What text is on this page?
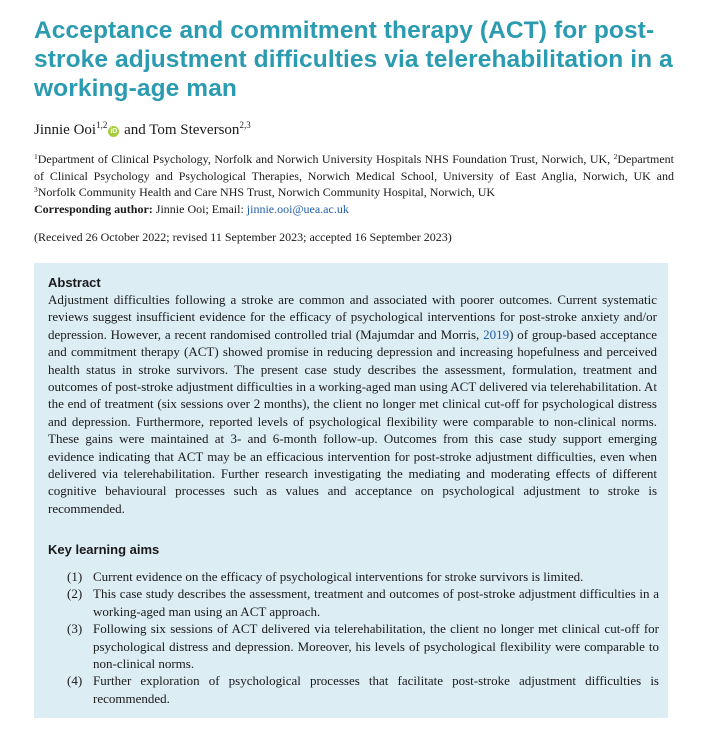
Acceptance and commitment therapy (ACT) for post-stroke adjustment difficulties via telerehabilitation in a working-age man
Jinnie Ooi$^{1,2}$iD and Tom Steverson$^{2,3}$

$^1$Department of Clinical Psychology, Norfolk and Norwich University Hospitals NHS Foundation Trust, Norwich, UK, $^2$Department of Clinical Psychology and Psychological Therapies, Norwich Medical School, University of East Anglia, Norwich, UK and $^3$Norfolk Community Health and Care NHS Trust, Norwich Community Hospital, Norwich, UK

Corresponding author: Jinnie Ooi; Email: jinnie.ooi@uea.ac.uk

(Received 26 October 2022; revised 11 September 2023; accepted 16 September 2023)

Abstract

Adjustment difficulties following a stroke are common and associated with poorer outcomes. Current systematic reviews suggest insufficient evidence for the efficacy of psychological interventions for post-stroke anxiety and/or depression. However, a recent randomised controlled trial (Majumdar and Morris, 2019) of group-based acceptance and commitment therapy (ACT) showed promise in reducing depression and increasing hopefulness and perceived health status in stroke survivors. The present case study describes the assessment, formulation, treatment and outcomes of post-stroke adjustment difficulties in a working-aged man using ACT delivered via telerehabilitation. At the end of treatment (six sessions over 2 months), the client no longer met clinical cut-off for psychological distress and depression. Furthermore, reported levels of psychological flexibility were comparable to non-clinical norms. These gains were maintained at 3- and 6-month follow-up. Outcomes from this case study support emerging evidence indicating that ACT may be an efficacious intervention for post-stroke adjustment difficulties, even when delivered via telerehabilitation. Further research investigating the mediating and moderating effects of different cognitive behavioural processes such as values and acceptance on psychological adjustment to stroke is recommended.

Key learning aims
(1) Current evidence on the efficacy of psychological interventions for stroke survivors is limited.
(2) This case study describes the assessment, treatment and outcomes of post-stroke adjustment difficulties in a working-aged man using an ACT approach.
(3) Following six sessions of ACT delivered via telerehabilitation, the client no longer met clinical cut-off for psychological distress and depression. Moreover, his levels of psychological flexibility were comparable to non-clinical norms.
(4) Further exploration of psychological processes that facilitate post-stroke adjustment difficulties is recommended.
